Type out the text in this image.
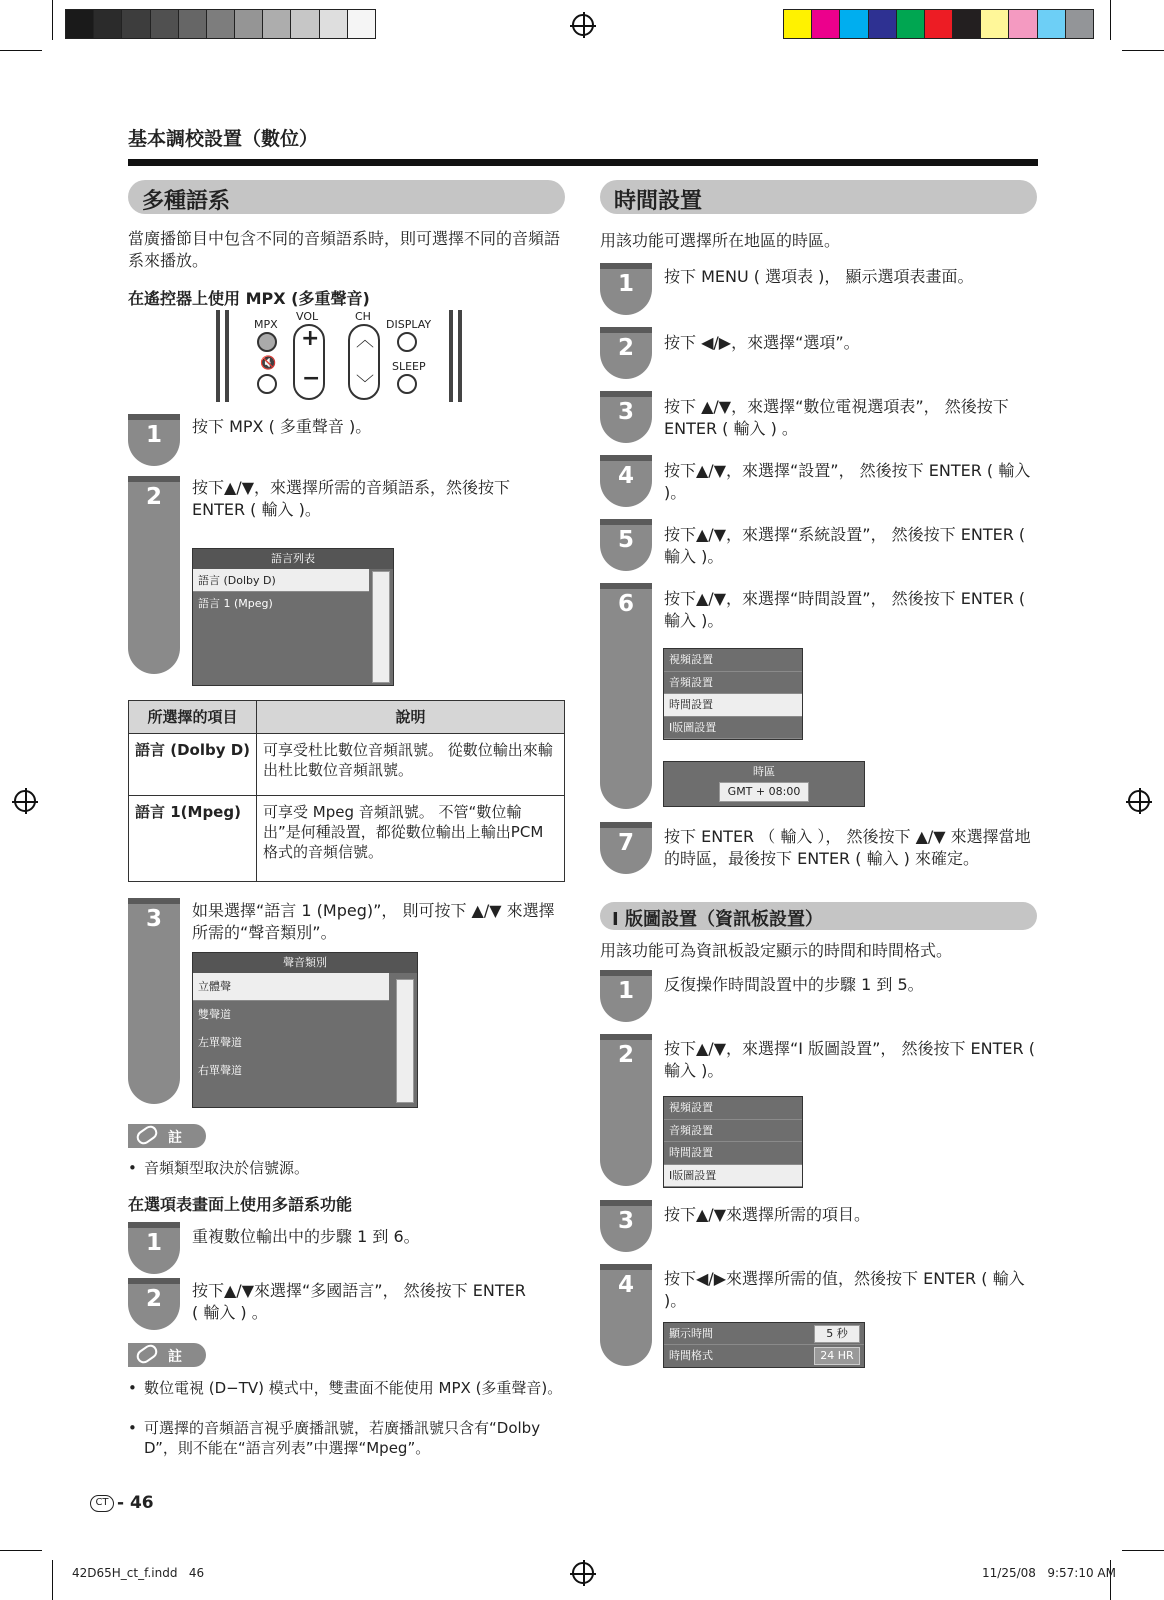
基本調校設置（數位）
多種語系
當廣播節目中包含不同的音頻語系時，則可選擇不同的音頻語系來播放。
在遙控器上使用 MPX (多重聲音)
MPX
🔇
VOL
+
−
CH
︿
﹀
DISPLAY
SLEEP
1	按下 MPX ( 多重聲音 )。
2	按下▲/▼，來選擇所需的音頻語系，然後按下 ENTER ( 輸入 )。
語言列表
語言 (Dolby D)
語言 1 (Mpeg)
所選擇的項目	說明
語言 (Dolby D)	可享受杜比數位音頻訊號。 從數位輸出來輸出杜比數位音頻訊號。
語言 1(Mpeg)	可享受 Mpeg 音頻訊號。 不管“數位輸出”是何種設置，都從數位輸出上輸出PCM 格式的音頻信號。
3	如果選擇“語言 1 (Mpeg)”， 則可按下 ▲/▼ 來選擇所需的“聲音類別”。
聲音類別
立體聲
雙聲道
左單聲道
右單聲道
註
• 音頻類型取決於信號源。
在選項表畫面上使用多語系功能
1	重複數位輸出中的步驟 1 到 6。
2	按下▲/▼來選擇“多國語言”， 然後按下 ENTER ( 輸入 ) 。
註
• 數位電視 (D−TV) 模式中，雙畫面不能使用 MPX (多重聲音)。
• 可選擇的音頻語言視乎廣播訊號，若廣播訊號只含有“Dolby D”，則不能在“語言列表”中選擇“Mpeg”。
時間設置
用該功能可選擇所在地區的時區。
1	按下 MENU ( 選項表 )， 顯示選項表畫面。
2	按下 ◀/▶，來選擇“選項”。
3	按下 ▲/▼，來選擇“數位電視選項表”， 然後按下 ENTER ( 輸入 ) 。
4	按下▲/▼，來選擇“設置”， 然後按下 ENTER ( 輸入 )。
5	按下▲/▼，來選擇“系統設置”， 然後按下 ENTER ( 輸入 )。
6	按下▲/▼，來選擇“時間設置”， 然後按下 ENTER ( 輸入 )。
視頻設置
音頻設置
時間設置
I版圖設置
時區
GMT + 08:00
7	按下 ENTER （ 輸入 ）， 然後按下 ▲/▼ 來選擇當地的時區，最後按下 ENTER ( 輸入 ) 來確定。
I 版圖設置（資訊板設置）
用該功能可為資訊板設定顯示的時間和時間格式。
1	反復操作時間設置中的步驟 1 到 5。
2	按下▲/▼，來選擇“I 版圖設置”， 然後按下 ENTER ( 輸入 )。
視頻設置
音頻設置
時間設置
I版圖設置
3	按下▲/▼來選擇所需的項目。
4	按下◀/▶來選擇所需的值，然後按下 ENTER ( 輸入 )。
顯示時間	5 秒
時間格式	24 HR
CT - 46
42D65H_ct_f.indd   46	11/25/08   9:57:10 AM
